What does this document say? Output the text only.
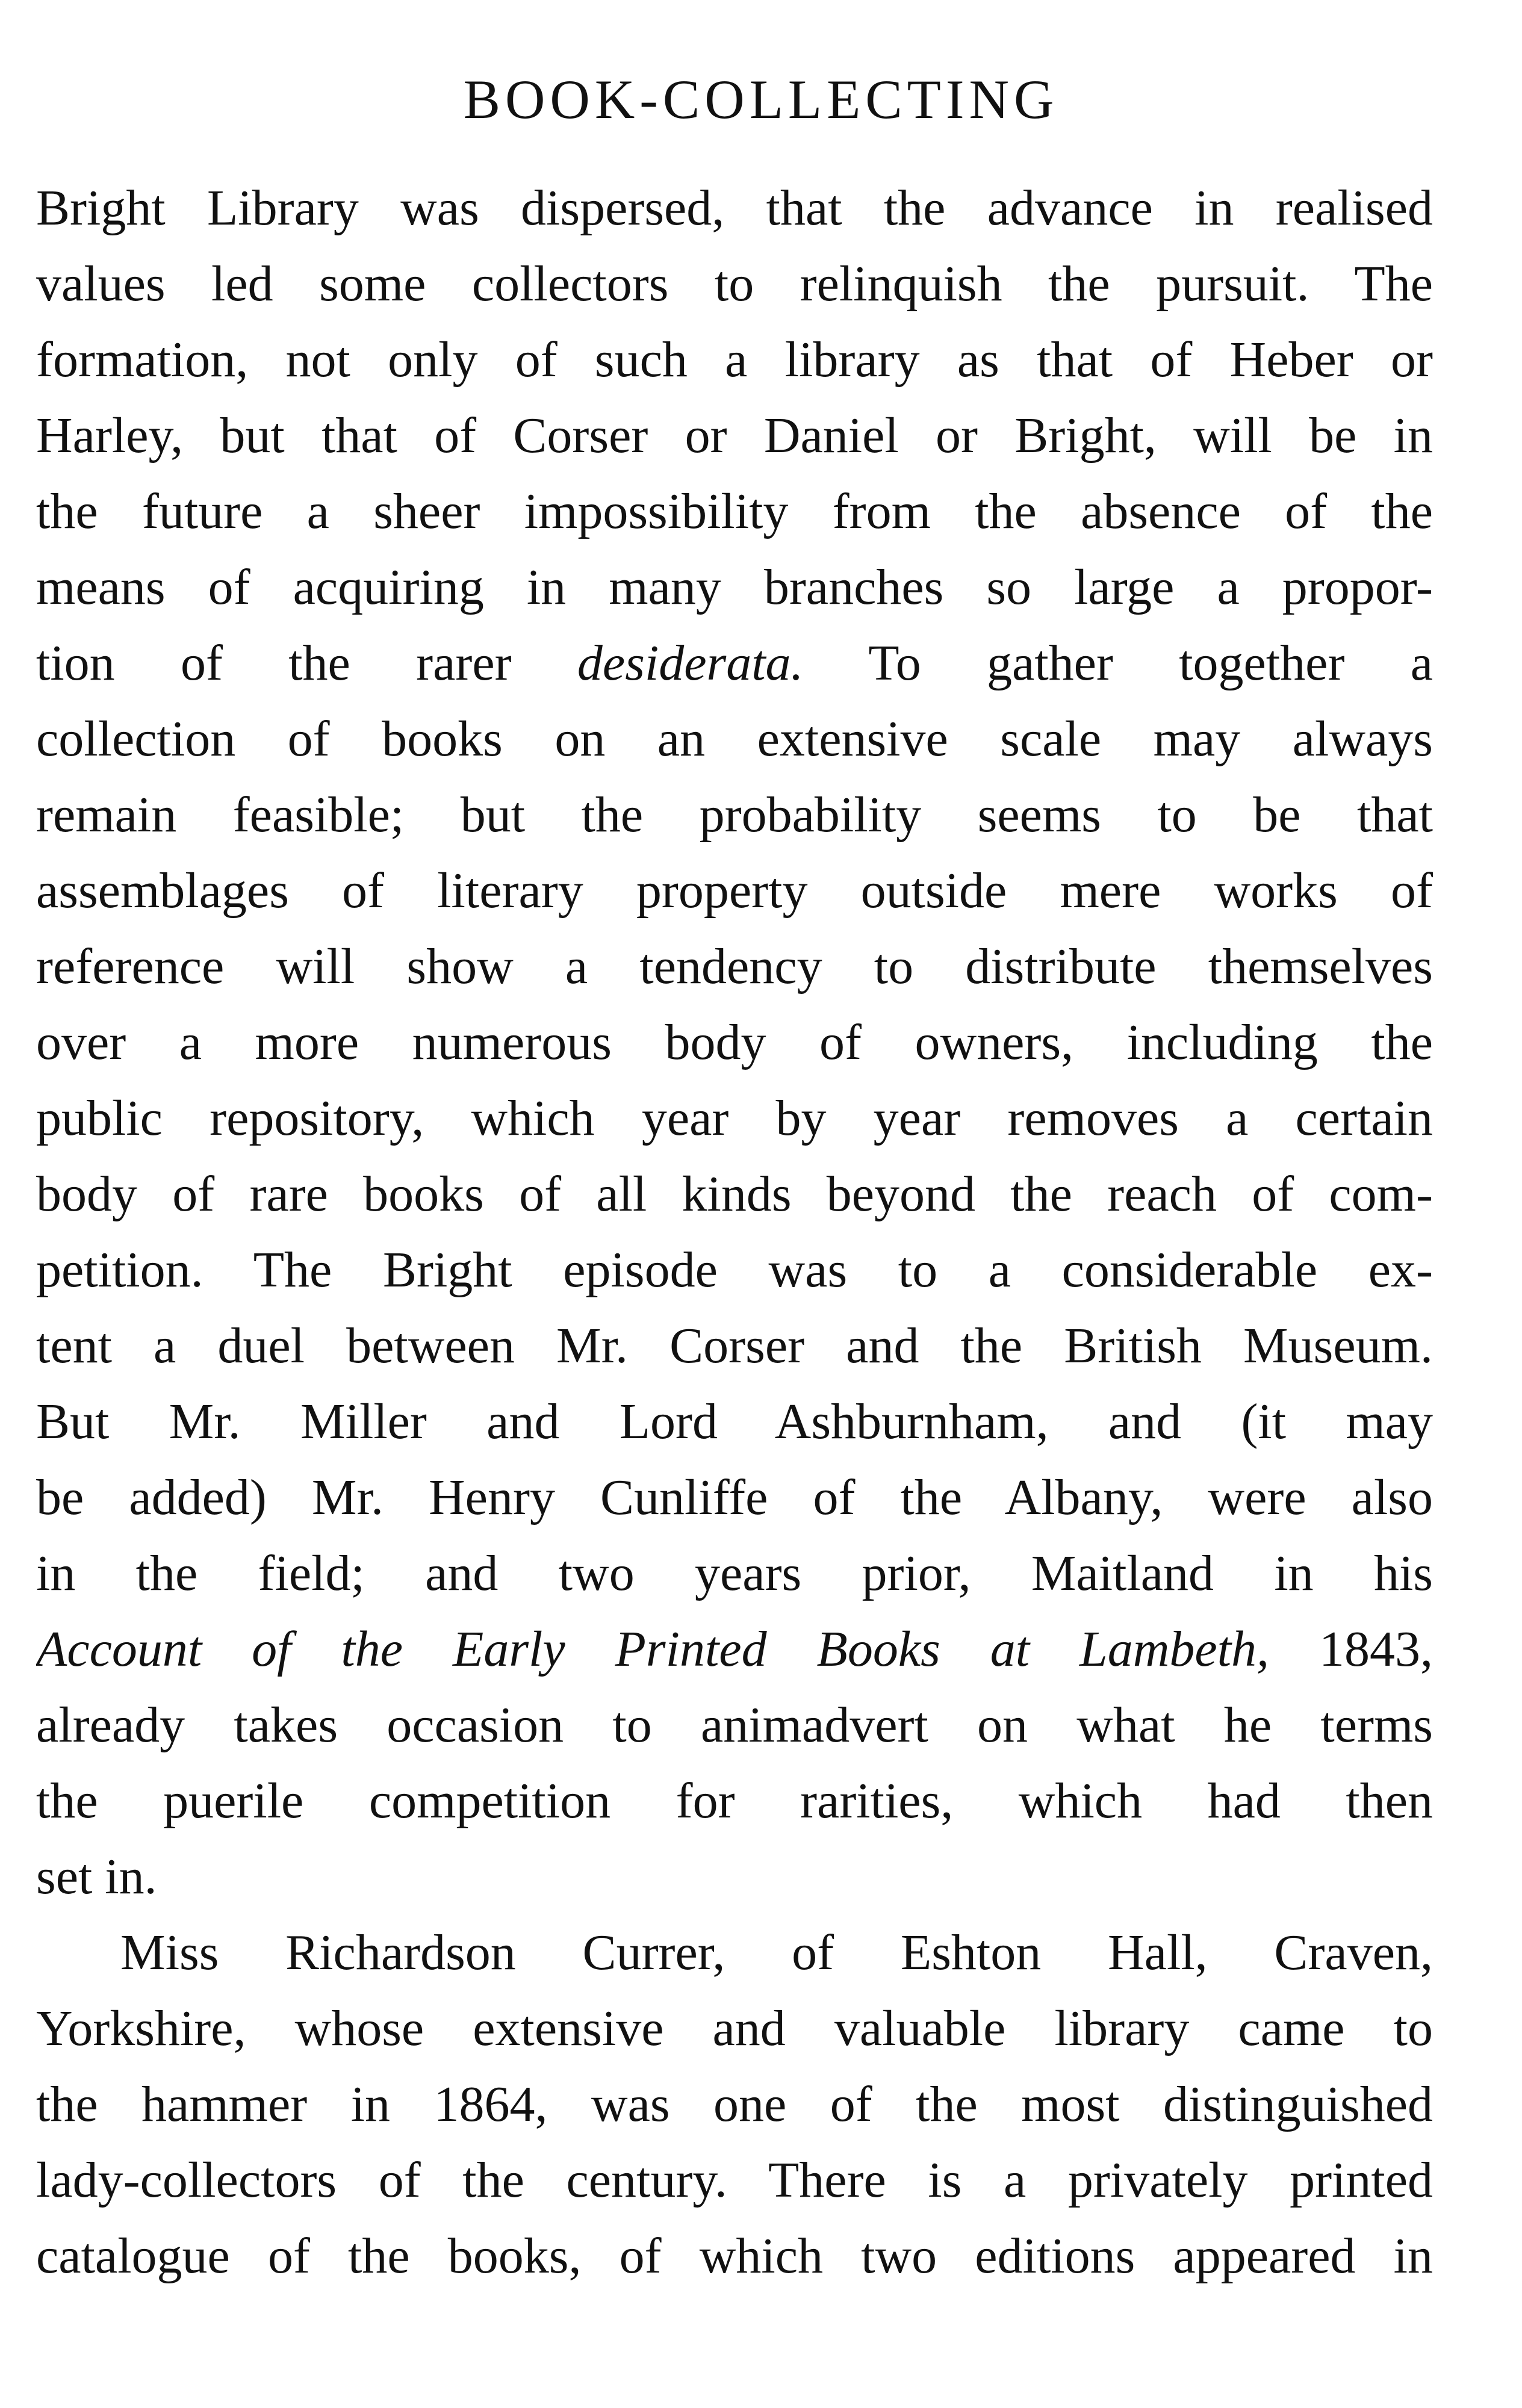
BOOK-COLLECTING
Bright Library was dispersed, that the advance in realised
values led some collectors to relinquish the pursuit. The
formation, not only of such a library as that of Heber or
Harley, but that of Corser or Daniel or Bright, will be in
the future a sheer impossibility from the absence of the
means of acquiring in many branches so large a propor-
tion of the rarer desiderata. To gather together a
collection of books on an extensive scale may always
remain feasible; but the probability seems to be that
assemblages of literary property outside mere works of
reference will show a tendency to distribute themselves
over a more numerous body of owners, including the
public repository, which year by year removes a certain
body of rare books of all kinds beyond the reach of com-
petition. The Bright episode was to a considerable ex-
tent a duel between Mr. Corser and the British Museum.
But Mr. Miller and Lord Ashburnham, and (it may
be added) Mr. Henry Cunliffe of the Albany, were also
in the field; and two years prior, Maitland in his
Account of the Early Printed Books at Lambeth, 1843,
already takes occasion to animadvert on what he terms
the puerile competition for rarities, which had then
set in.
Miss Richardson Currer, of Eshton Hall, Craven,
Yorkshire, whose extensive and valuable library came to
the hammer in 1864, was one of the most distinguished
lady-collectors of the century. There is a privately printed
catalogue of the books, of which two editions appeared in
